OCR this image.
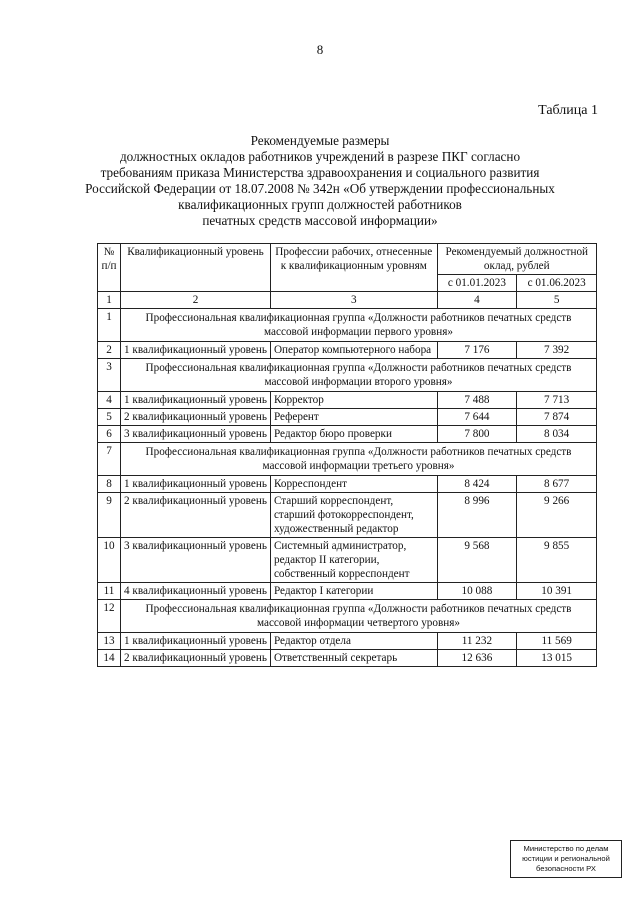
8
Таблица 1
Рекомендуемые размеры
должностных окладов работников учреждений в разрезе ПКГ согласно
требованиям приказа Министерства здравоохранения и социального развития
Российской Федерации от 18.07.2008 № 342н «Об утверждении профессиональных
квалификационных групп должностей работников
печатных средств массовой информации»
№ п/п	Квалификационный уровень	Профессии рабочих, отнесенные к квалификационным уровням	Рекомендуемый должностной оклад, рублей	
			с 01.01.2023	с 01.06.2023
1	2	3	4	5
1	Профессиональная квалификационная группа «Должности работников печатных средств массовой информации первого уровня»			
2	1 квалификационный уровень	Оператор компьютерного набора	7 176	7 392
3	Профессиональная квалификационная группа «Должности работников печатных средств массовой информации второго уровня»			
4	1 квалификационный уровень	Корректор	7 488	7 713
5	2 квалификационный уровень	Референт	7 644	7 874
6	3 квалификационный уровень	Редактор бюро проверки	7 800	8 034
7	Профессиональная квалификационная группа «Должности работников печатных средств массовой информации третьего уровня»			
8	1 квалификационный уровень	Корреспондент	8 424	8 677
9	2 квалификационный уровень	Старший корреспондент, старший фотокорреспондент, художественный редактор	8 996	9 266
10	3 квалификационный уровень	Системный администратор, редактор II категории, собственный корреспондент	9 568	9 855
11	4 квалификационный уровень	Редактор I категории	10 088	10 391
12	Профессиональная квалификационная группа «Должности работников печатных средств массовой информации четвертого уровня»			
13	1 квалификационный уровень	Редактор отдела	11 232	11 569
14	2 квалификационный уровень	Ответственный секретарь	12 636	13 015
Министерство по делам
юстиции и региональной
безопасности РХ
